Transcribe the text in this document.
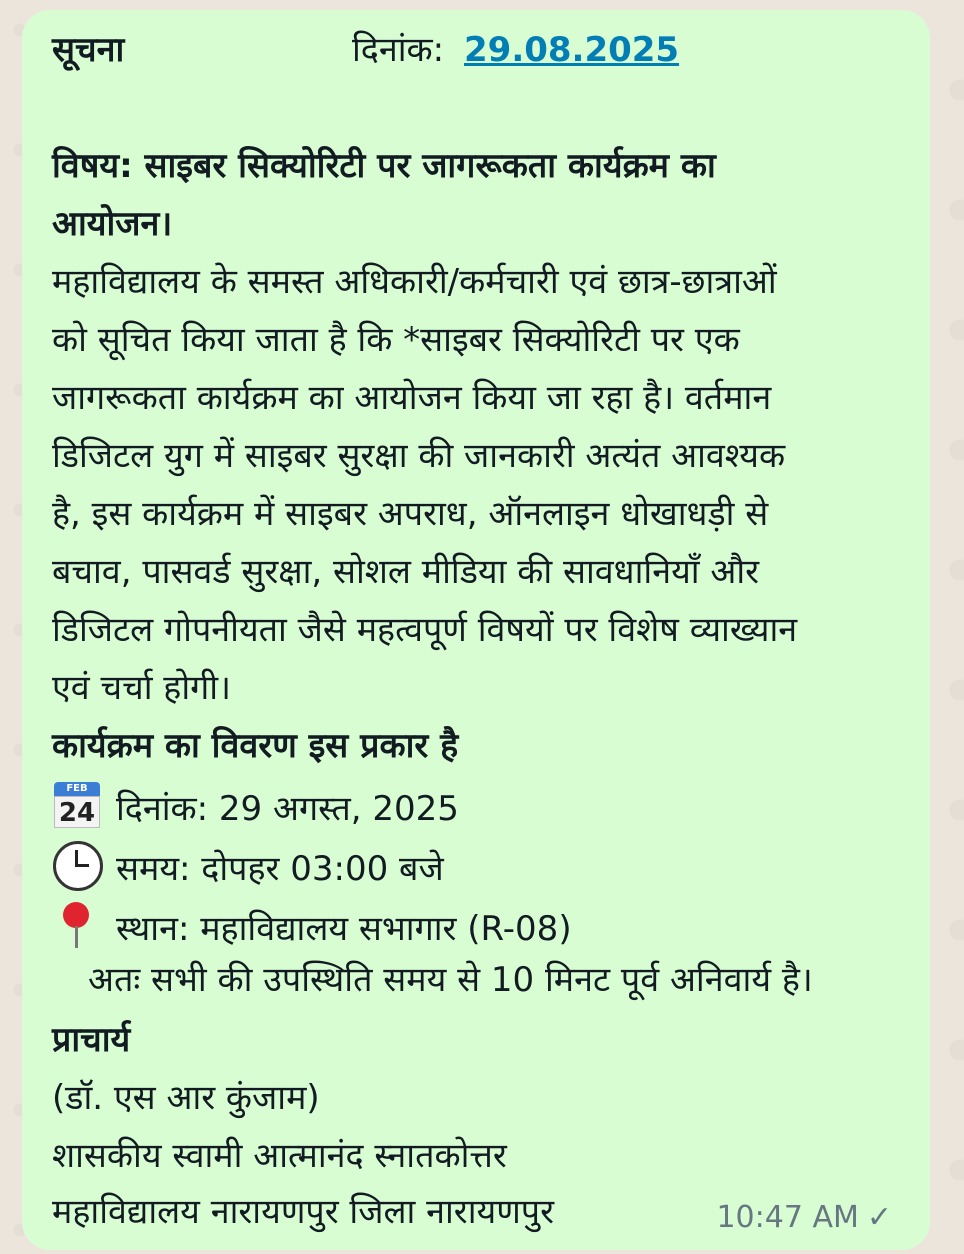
सूचना	दिनांक: 29.08.2025
विषय: साइबर सिक्योरिटी पर जागरूकता कार्यक्रम का
आयोजन।
महाविद्यालय के समस्त अधिकारी/कर्मचारी एवं छात्र-छात्राओं
को सूचित किया जाता है कि *साइबर सिक्योरिटी पर एक
जागरूकता कार्यक्रम का आयोजन किया जा रहा है। वर्तमान
डिजिटल युग में साइबर सुरक्षा की जानकारी अत्यंत आवश्यक
है, इस कार्यक्रम में साइबर अपराध, ऑनलाइन धोखाधड़ी से
बचाव, पासवर्ड सुरक्षा, सोशल मीडिया की सावधानियाँ और
डिजिटल गोपनीयता जैसे महत्वपूर्ण विषयों पर विशेष व्याख्यान
एवं चर्चा होगी।
कार्यक्रम का विवरण इस प्रकार है
FEB
24 दिनांक: 29 अगस्त, 2025
समय: दोपहर 03:00 बजे
स्थान: महाविद्यालय सभागार (R-08)
अतः सभी की उपस्थिति समय से 10 मिनट पूर्व अनिवार्य है।
प्राचार्य
(डॉ. एस आर कुंजाम)
शासकीय स्वामी आत्मानंद स्नातकोत्तर
महाविद्यालय नारायणपुर जिला नारायणपुर	10:47 AM ✓
